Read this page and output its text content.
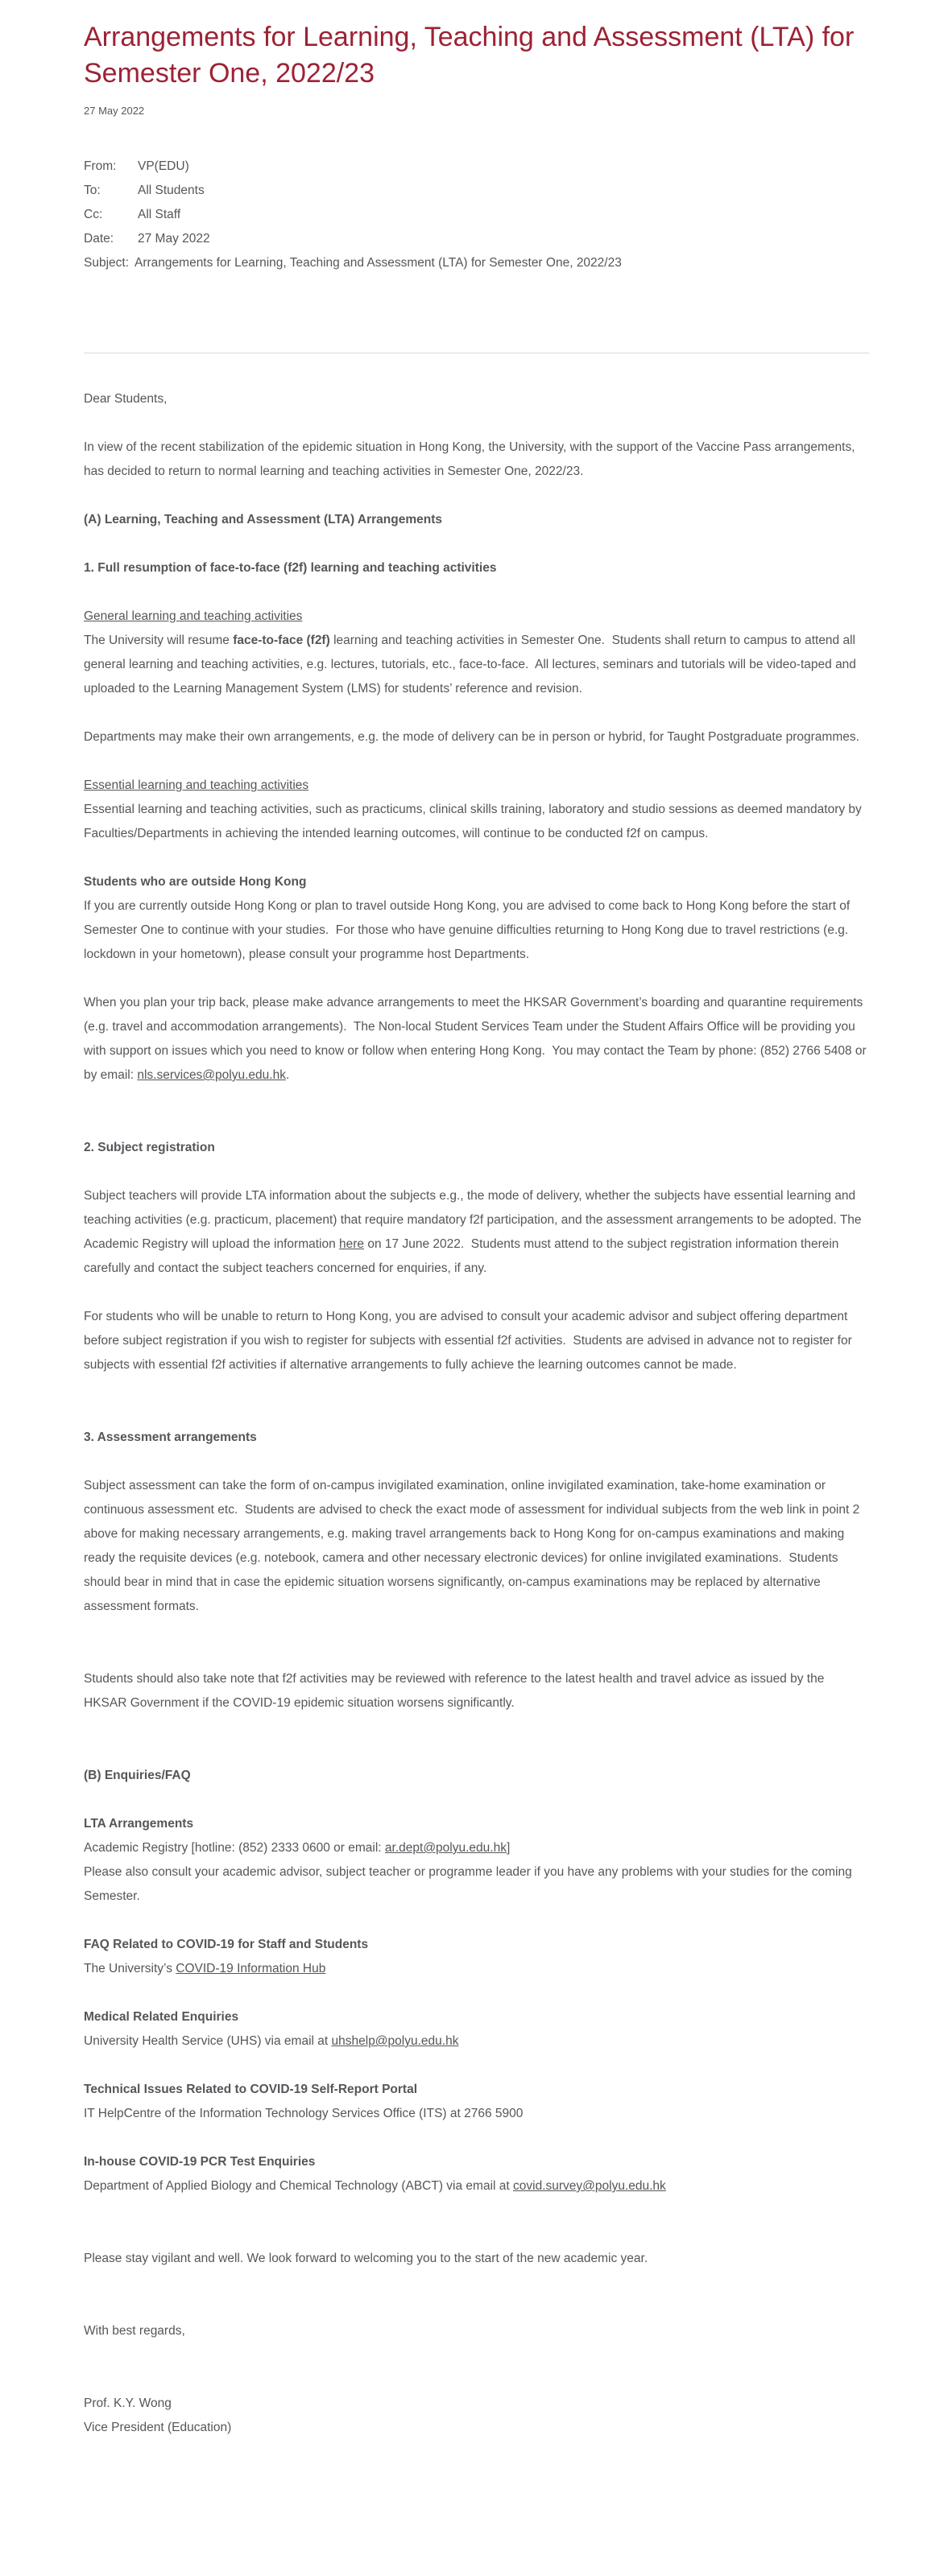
Arrangements for Learning, Teaching and Assessment (LTA) for Semester One, 2022/23
27 May 2022
From: VP(EDU)
To:	All Students
Cc:	All Staff
Date: 27 May 2022
Subject: Arrangements for Learning, Teaching and Assessment (LTA) for Semester One, 2022/23

Dear Students,

In view of the recent stabilization of the epidemic situation in Hong Kong, the University, with the support of the Vaccine Pass arrangements, has decided to return to normal learning and teaching activities in Semester One, 2022/23.

(A) Learning, Teaching and Assessment (LTA) Arrangements

1. Full resumption of face-to-face (f2f) learning and teaching activities

General learning and teaching activities
The University will resume face-to-face (f2f) learning and teaching activities in Semester One.  Students shall return to campus to attend all general learning and teaching activities, e.g. lectures, tutorials, etc., face-to-face.  All lectures, seminars and tutorials will be video-taped and uploaded to the Learning Management System (LMS) for students’ reference and revision.

Departments may make their own arrangements, e.g. the mode of delivery can be in person or hybrid, for Taught Postgraduate programmes.

Essential learning and teaching activities
Essential learning and teaching activities, such as practicums, clinical skills training, laboratory and studio sessions as deemed mandatory by Faculties/Departments in achieving the intended learning outcomes, will continue to be conducted f2f on campus.

Students who are outside Hong Kong
If you are currently outside Hong Kong or plan to travel outside Hong Kong, you are advised to come back to Hong Kong before the start of Semester One to continue with your studies.  For those who have genuine difficulties returning to Hong Kong due to travel restrictions (e.g. lockdown in your hometown), please consult your programme host Departments.

When you plan your trip back, please make advance arrangements to meet the HKSAR Government’s boarding and quarantine requirements (e.g. travel and accommodation arrangements).  The Non-local Student Services Team under the Student Affairs Office will be providing you with support on issues which you need to know or follow when entering Hong Kong.  You may contact the Team by phone: (852) 2766 5408 or by email: nls.services@polyu.edu.hk.

2. Subject registration

Subject teachers will provide LTA information about the subjects e.g., the mode of delivery, whether the subjects have essential learning and teaching activities (e.g. practicum, placement) that require mandatory f2f participation, and the assessment arrangements to be adopted. The Academic Registry will upload the information here on 17 June 2022.  Students must attend to the subject registration information therein carefully and contact the subject teachers concerned for enquiries, if any.

For students who will be unable to return to Hong Kong, you are advised to consult your academic advisor and subject offering department before subject registration if you wish to register for subjects with essential f2f activities.  Students are advised in advance not to register for subjects with essential f2f activities if alternative arrangements to fully achieve the learning outcomes cannot be made.

3. Assessment arrangements

Subject assessment can take the form of on-campus invigilated examination, online invigilated examination, take-home examination or continuous assessment etc.  Students are advised to check the exact mode of assessment for individual subjects from the web link in point 2 above for making necessary arrangements, e.g. making travel arrangements back to Hong Kong for on-campus examinations and making ready the requisite devices (e.g. notebook, camera and other necessary electronic devices) for online invigilated examinations.  Students should bear in mind that in case the epidemic situation worsens significantly, on-campus examinations may be replaced by alternative assessment formats.

Students should also take note that f2f activities may be reviewed with reference to the latest health and travel advice as issued by the HKSAR Government if the COVID-19 epidemic situation worsens significantly.

(B) Enquiries/FAQ

LTA Arrangements
Academic Registry [hotline: (852) 2333 0600 or email: ar.dept@polyu.edu.hk]
Please also consult your academic advisor, subject teacher or programme leader if you have any problems with your studies for the coming Semester.

FAQ Related to COVID-19 for Staff and Students
The University’s COVID-19 Information Hub

Medical Related Enquiries
University Health Service (UHS) via email at uhshelp@polyu.edu.hk

Technical Issues Related to COVID-19 Self-Report Portal
IT HelpCentre of the Information Technology Services Office (ITS) at 2766 5900

In-house COVID-19 PCR Test Enquiries
Department of Applied Biology and Chemical Technology (ABCT) via email at covid.survey@polyu.edu.hk

Please stay vigilant and well. We look forward to welcoming you to the start of the new academic year.

With best regards,

Prof. K.Y. Wong
Vice President (Education)
